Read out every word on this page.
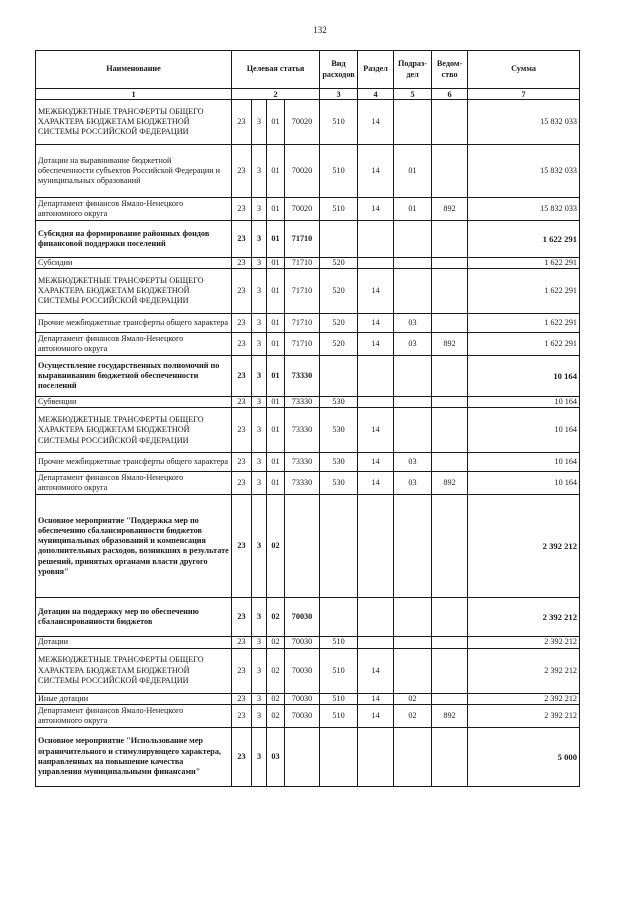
132
Наименование	Целевая статья				Вид расходов	Раздел	Подраз-дел	Ведом-ство	Сумма
1	2				3	4	5	6	7
МЕЖБЮДЖЕТНЫЕ ТРАНСФЕРТЫ ОБЩЕГО ХАРАКТЕРА БЮДЖЕТАМ БЮДЖЕТНОЙ СИСТЕМЫ РОССИЙСКОЙ ФЕДЕРАЦИИ	23	3	01	70020	510	14			15 832 033
Дотации на выравнивание бюджетной обеспеченности субъектов Российской Федерации и муниципальных образований	23	3	01	70020	510	14	01		15 832 033
Департамент финансов Ямало-Ненецкого автономного округа	23	3	01	70020	510	14	01	892	15 832 033
Субсидия на формирование районных фондов финансовой поддержки поселений	23	3	01	71710					1 622 291
Субсидии	23	3	01	71710	520				1 622 291
МЕЖБЮДЖЕТНЫЕ ТРАНСФЕРТЫ ОБЩЕГО ХАРАКТЕРА БЮДЖЕТАМ БЮДЖЕТНОЙ СИСТЕМЫ РОССИЙСКОЙ ФЕДЕРАЦИИ	23	3	01	71710	520	14			1 622 291
Прочие межбюджетные трансферты общего характера	23	3	01	71710	520	14	03		1 622 291
Департамент финансов Ямало-Ненецкого автономного округа	23	3	01	71710	520	14	03	892	1 622 291
Осуществление государственных полномочий по выравниванию бюджетной обеспеченности поселений	23	3	01	73330					10 164
Субвенции	23	3	01	73330	530				10 164
МЕЖБЮДЖЕТНЫЕ ТРАНСФЕРТЫ ОБЩЕГО ХАРАКТЕРА БЮДЖЕТАМ БЮДЖЕТНОЙ СИСТЕМЫ РОССИЙСКОЙ ФЕДЕРАЦИИ	23	3	01	73330	530	14			10 164
Прочие межбюджетные трансферты общего характера	23	3	01	73330	530	14	03		10 164
Департамент финансов Ямало-Ненецкого автономного округа	23	3	01	73330	530	14	03	892	10 164
Основное мероприятие "Поддержка мер по обеспечению сбалансированности бюджетов муниципальных образований и компенсация дополнительных расходов, возникших в результате решений, принятых органами власти другого уровня"	23	3	02						2 392 212
Дотации на поддержку мер по обеспечению сбалансированности бюджетов	23	3	02	70030					2 392 212
Дотации	23	3	02	70030	510				2 392 212
МЕЖБЮДЖЕТНЫЕ ТРАНСФЕРТЫ ОБЩЕГО ХАРАКТЕРА БЮДЖЕТАМ БЮДЖЕТНОЙ СИСТЕМЫ РОССИЙСКОЙ ФЕДЕРАЦИИ	23	3	02	70030	510	14			2 392 212
Иные дотации	23	3	02	70030	510	14	02		2 392 212
Департамент финансов Ямало-Ненецкого автономного округа	23	3	02	70030	510	14	02	892	2 392 212
Основное мероприятие "Использование мер ограничительного и стимулирующего характера, направленных на повышение качества управления муниципальными финансами"	23	3	03						5 000
